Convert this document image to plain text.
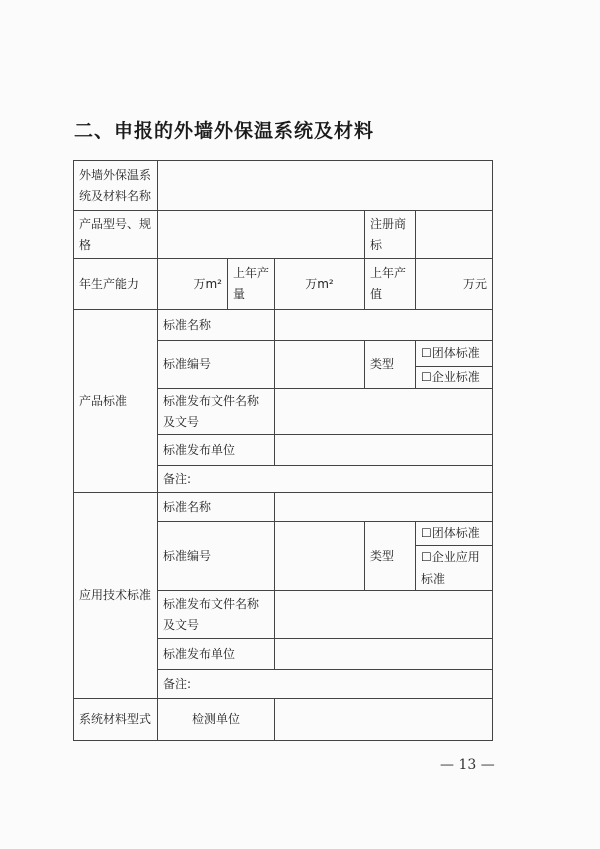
二、申报的外墙外保温系统及材料
外墙外保温系统及材料名称					
产品型号、规格				注册商标	
年生产能力	万m²	上年产量	万m²	上年产值	万元
产品标准	标准名称				
	标准编号			类型	☐团体标准

					☐企业标准

	标准发布文件名称及文号				
	标准发布单位				
	备注:				
应用技术标准	标准名称				
	标准编号			类型	☐团体标准

					☐企业应用标准
	标准发布文件名称及文号				
	标准发布单位				
	备注:				
系统材料型式	检测单位				
— 13 —
